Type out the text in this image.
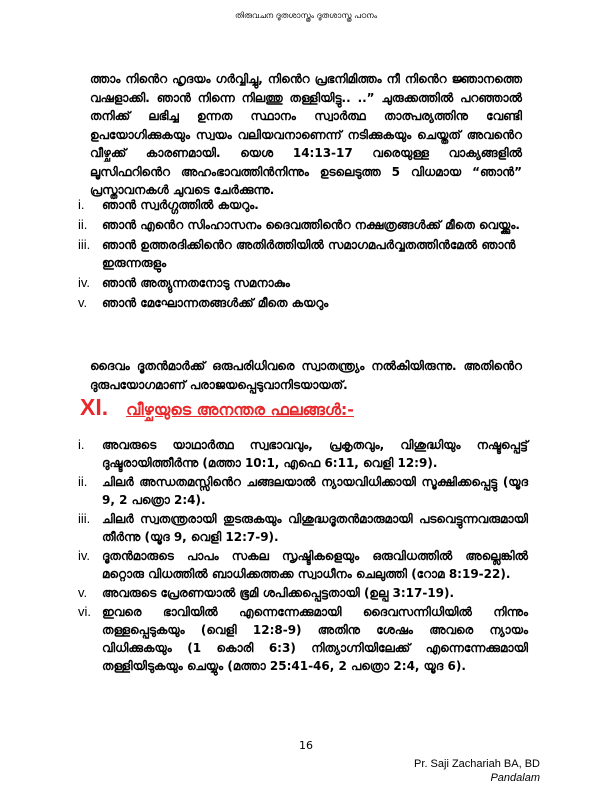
തിരുവചന ദൂതശാസ്ത്രം ദൂതശാസ്ത്ര പഠനം
ത്താം നിൻെറ ഹൃദയം ഗർവ്വിച്ചു, നിൻെറ പ്രഭനിമിത്തം നീ നിൻെറ ജ്ഞാനത്തെ വഷളാക്കി. ഞാൻ നിന്നെ നിലത്തു തള്ളിയിട്ടു.. ..” ചുരുക്കത്തിൽ പറഞ്ഞാൽ തനിക്ക് ലഭിച്ച ഉന്നത സ്ഥാനം സ്വാർത്ഥ താത്പര്യത്തിനു വേണ്ടി ഉപയോഗിക്കുകയും സ്വയം വലിയവനാണെന്ന് നടിക്കുകയും ചെയ്തത് അവൻെറ വീഴ്ചക്ക് കാരണമായി. യെശ 14:13-17 വരെയുള്ള വാക്യങ്ങളിൽ ലൂസിഫറിൻെറ അഹംഭാവത്തിൻനിന്നും ഉടലെടുത്ത 5 വിധമായ “ഞാൻ” പ്രസ്താവനകൾ ചുവടെ ചേർക്കുന്നു.
i. ഞാൻ സ്വർഗ്ഗത്തിൽ കയറും.
ii. ഞാൻ എൻെറ സിംഹാസനം ദൈവത്തിൻെറ നക്ഷത്രങ്ങൾക്ക് മീതെ വെയ്ക്കും.
iii. ഞാൻ ഉത്തരദിക്കിൻെറ അതിർത്തിയിൽ സമാഗമപർവ്വതത്തിൻമേൽ ഞാൻ ഇരുന്നരുളും
iv. ഞാൻ അത്യുന്നതനോടു സമനാകും
v. ഞാൻ മേഘോന്നതങ്ങൾക്ക് മീതെ കയറും
ദൈവം ദൂതൻമാർക്ക് ഒരുപരിധിവരെ സ്വാതന്ത്ര്യം നൽകിയിരുന്നു. അതിൻെറ ദുരുപയോഗമാണ് പരാജയപ്പെടുവാനിടയായത്.
XI. വീഴ്ചയുടെ അനന്തര ഫലങ്ങൾ:-
i. അവരുടെ യാഥാർത്ഥ സ്വഭാവവും, പ്രകൃതവും, വിശുദ്ധിയും നഷ്ടപ്പെട്ട് ദുഷ്ടരായിത്തീർന്നു (മത്താ 10:1, എഫെ 6:11, വെളി 12:9).
ii. ചിലർ അന്ധതമസ്സിൻെറ ചങ്ങലയാൽ ന്യായവിധിക്കായി സൂക്ഷിക്കപ്പെട്ടു (യൂദ 9, 2 പത്രൊ 2:4).
iii. ചിലർ സ്വതന്ത്രരായി തുടരുകയും വിശുദ്ധദൂതൻമാരുമായി പടവെട്ടുന്നവരുമായി തീർന്നു (യൂദ 9, വെളി 12:7-9).
iv. ദൂതൻമാരുടെ പാപം സകല സൃഷ്ടികളെയും ഒരുവിധത്തിൽ അല്ലെങ്കിൽ മറ്റൊരു വിധത്തിൽ ബാധിക്കത്തക്ക സ്വാധീനം ചെലുത്തി (റോമ 8:19-22).
v. അവരുടെ പ്രേരണയാൽ ഭൂമി ശപിക്കപ്പെട്ടതായി (ഉല്പ 3:17-19).
vi. ഇവരെ ഭാവിയിൽ എന്നെന്നേക്കുമായി ദൈവസന്നിധിയിൽ നിന്നും തള്ളപ്പെടുകയും (വെളി 12:8-9) അതിനു ശേഷം അവരെ ന്യായം വിധിക്കുകയും (1 കൊരി 6:3) നിത്യാഗ്നിയിലേക്ക് എന്നെന്നേക്കുമായി തള്ളിയിടുകയും ചെയ്യും (മത്താ 25:41-46, 2 പത്രൊ 2:4, യൂദ 6).
16
Pr. Saji Zachariah BA, BD
Pandalam
